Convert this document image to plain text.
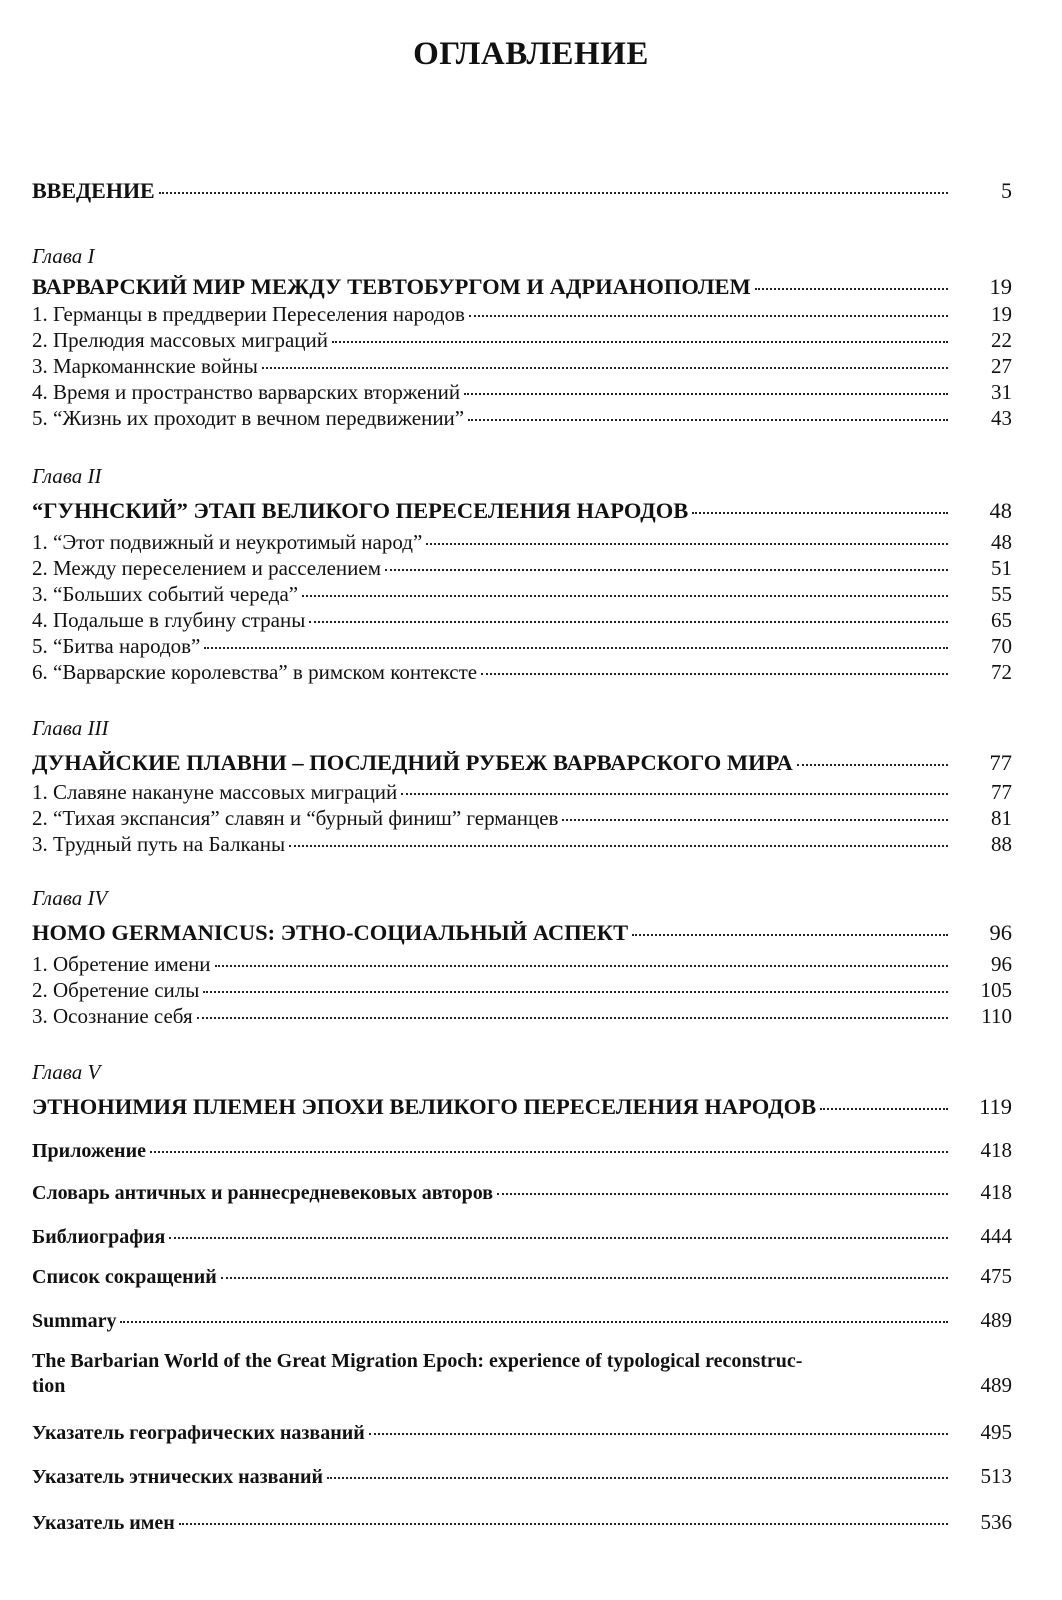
ОГЛАВЛЕНИЕ
ВВЕДЕНИЕ	5
Глава I
ВАРВАРСКИЙ МИР МЕЖДУ ТЕВТОБУРГОМ И АДРИАНОПОЛЕМ	19
1. Германцы в преддверии Переселения народов	19
2. Прелюдия массовых миграций	22
3. Маркоманнские войны	27
4. Время и пространство варварских вторжений	31
5. “Жизнь их проходит в вечном передвижении”	43
Глава II
“ГУННСКИЙ” ЭТАП ВЕЛИКОГО ПЕРЕСЕЛЕНИЯ НАРОДОВ	48
1. “Этот подвижный и неукротимый народ”	48
2. Между переселением и расселением	51
3. “Больших событий череда”	55
4. Подальше в глубину страны	65
5. “Битва народов”	70
6. “Варварские королевства” в римском контексте	72
Глава III
ДУНАЙСКИЕ ПЛАВНИ – ПОСЛЕДНИЙ РУБЕЖ ВАРВАРСКОГО МИРА	77
1. Славяне накануне массовых миграций	77
2. “Тихая экспансия” славян и “бурный финиш” германцев	81
3. Трудный путь на Балканы	88
Глава IV
HOMO GERMANICUS: ЭТНО-СОЦИАЛЬНЫЙ АСПЕКТ	96
1. Обретение имени	96
2. Обретение силы	105
3. Осознание себя	110
Глава V
ЭТНОНИМИЯ ПЛЕМЕН ЭПОХИ ВЕЛИКОГО ПЕРЕСЕЛЕНИЯ НАРОДОВ	119
Приложение	418
Словарь античных и раннесредневековых авторов	418
Библиография	444
Список сокращений	475
Summary	489
The Barbarian World of the Great Migration Epoch: experience of typological reconstruc-
tion	489
Указатель географических названий	495
Указатель этнических названий	513
Указатель имен	536
